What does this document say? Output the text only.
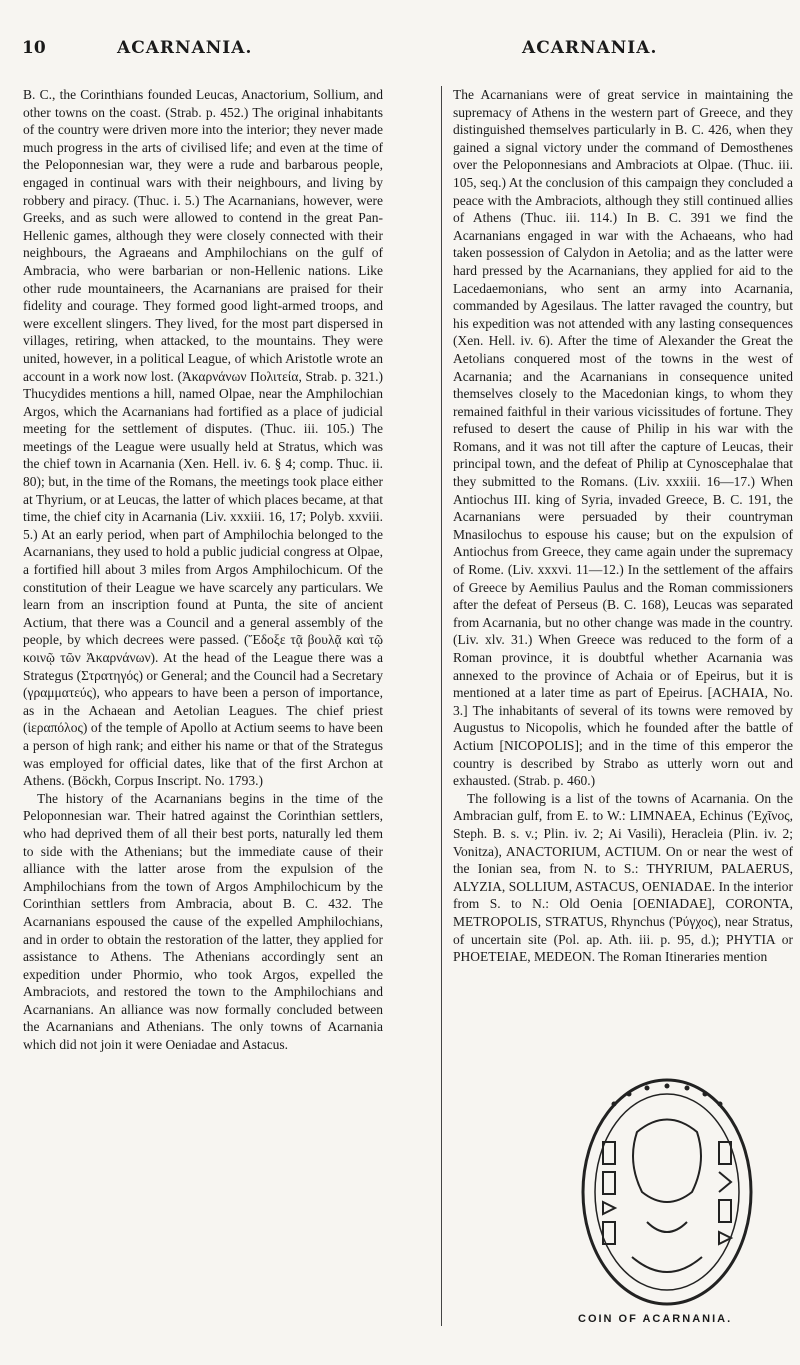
10	ACARNANIA.	ACARNANIA.

B. C., the Corinthians founded Leucas, Anactorium, Sollium, and other towns on the coast. (Strab. p. 452.) The original inhabitants of the country were driven more into the interior; they never made much progress in the arts of civilised life; and even at the time of the Peloponnesian war, they were a rude and barbarous people, engaged in continual wars with their neighbours, and living by robbery and piracy. (Thuc. i. 5.) The Acarnanians, however, were Greeks, and as such were allowed to contend in the great Pan-Hellenic games, although they were closely connected with their neighbours, the Agraeans and Amphilochians on the gulf of Ambracia, who were barbarian or non-Hellenic nations. Like other rude mountaineers, the Acarnanians are praised for their fidelity and courage. They formed good light-armed troops, and were excellent slingers. They lived, for the most part dispersed in villages, retiring, when attacked, to the mountains. They were united, however, in a political League, of which Aristotle wrote an account in a work now lost. (Ἀκαρνάνων Πολιτεία, Strab. p. 321.) Thucydides mentions a hill, named Olpae, near the Amphilochian Argos, which the Acarnanians had fortified as a place of judicial meeting for the settlement of disputes. (Thuc. iii. 105.) The meetings of the League were usually held at Stratus, which was the chief town in Acarnania (Xen. Hell. iv. 6. § 4; comp. Thuc. ii. 80); but, in the time of the Romans, the meetings took place either at Thyrium, or at Leucas, the latter of which places became, at that time, the chief city in Acarnania (Liv. xxxiii. 16, 17; Polyb. xxviii. 5.) At an early period, when part of Amphilochia belonged to the Acarnanians, they used to hold a public judicial congress at Olpae, a fortified hill about 3 miles from Argos Amphilochicum. Of the constitution of their League we have scarcely any particulars. We learn from an inscription found at Punta, the site of ancient Actium, that there was a Council and a general assembly of the people, by which decrees were passed. (Ἔδοξε τᾷ βουλᾷ καὶ τῷ κοινῷ τῶν Ἀκαρνάνων). At the head of the League there was a Strategus (Στρατηγός) or General; and the Council had a Secretary (γραμματεύς), who appears to have been a person of importance, as in the Achaean and Aetolian Leagues. The chief priest (ἱεραπόλος) of the temple of Apollo at Actium seems to have been a person of high rank; and either his name or that of the Strategus was employed for official dates, like that of the first Archon at Athens. (Böckh, Corpus Inscript. No. 1793.)

The history of the Acarnanians begins in the time of the Peloponnesian war. Their hatred against the Corinthian settlers, who had deprived them of all their best ports, naturally led them to side with the Athenians; but the immediate cause of their alliance with the latter arose from the expulsion of the Amphilochians from the town of Argos Amphilochicum by the Corinthian settlers from Ambracia, about B. C. 432. The Acarnanians espoused the cause of the expelled Amphilochians, and in order to obtain the restoration of the latter, they applied for assistance to Athens. The Athenians accordingly sent an expedition under Phormio, who took Argos, expelled the Ambraciots, and restored the town to the Amphilochians and Acarnanians. An alliance was now formally concluded between the Acarnanians and Athenians. The only towns of Acarnania which did not join it were Oeniadae and Astacus.

The Acarnanians were of great service in maintaining the supremacy of Athens in the western part of Greece, and they distinguished themselves particularly in B. C. 426, when they gained a signal victory under the command of Demosthenes over the Peloponnesians and Ambraciots at Olpae. (Thuc. iii. 105, seq.) At the conclusion of this campaign they concluded a peace with the Ambraciots, although they still continued allies of Athens (Thuc. iii. 114.) In B. C. 391 we find the Acarnanians engaged in war with the Achaeans, who had taken possession of Calydon in Aetolia; and as the latter were hard pressed by the Acarnanians, they applied for aid to the Lacedaemonians, who sent an army into Acarnania, commanded by Agesilaus. The latter ravaged the country, but his expedition was not attended with any lasting consequences (Xen. Hell. iv. 6). After the time of Alexander the Great the Aetolians conquered most of the towns in the west of Acarnania; and the Acarnanians in consequence united themselves closely to the Macedonian kings, to whom they remained faithful in their various vicissitudes of fortune. They refused to desert the cause of Philip in his war with the Romans, and it was not till after the capture of Leucas, their principal town, and the defeat of Philip at Cynoscephalae that they submitted to the Romans. (Liv. xxxiii. 16—17.) When Antiochus III. king of Syria, invaded Greece, B. C. 191, the Acarnanians were persuaded by their countryman Mnasilochus to espouse his cause; but on the expulsion of Antiochus from Greece, they came again under the supremacy of Rome. (Liv. xxxvi. 11—12.) In the settlement of the affairs of Greece by Aemilius Paulus and the Roman commissioners after the defeat of Perseus (B. C. 168), Leucas was separated from Acarnania, but no other change was made in the country. (Liv. xlv. 31.) When Greece was reduced to the form of a Roman province, it is doubtful whether Acarnania was annexed to the province of Achaia or of Epeirus, but it is mentioned at a later time as part of Epeirus. [ACHAIA, No. 3.] The inhabitants of several of its towns were removed by Augustus to Nicopolis, which he founded after the battle of Actium [NICOPOLIS]; and in the time of this emperor the country is described by Strabo as utterly worn out and exhausted. (Strab. p. 460.)

The following is a list of the towns of Acarnania. On the Ambracian gulf, from E. to W.: LIMNAEA, Echinus (Ἐχῖνος, Steph. B. s. v.; Plin. iv. 2; Ai Vasili), Heracleia (Plin. iv. 2; Vonitza), ANACTORIUM, ACTIUM. On or near the west of the Ionian sea, from N. to S.: THYRIUM, PALAERUS, ALYZIA, SOLLIUM, ASTACUS, OENIADAE. In the interior from S. to N.: Old Oenia [OENIADAE], CORONTA, METROPOLIS, STRATUS, Rhynchus (Ῥύγχος), near Stratus, of uncertain site (Pol. ap. Ath. iii. p. 95, d.); PHYTIA or PHOETEIAE, MEDEON. The Roman Itineraries mention

COIN OF ACARNANIA.
